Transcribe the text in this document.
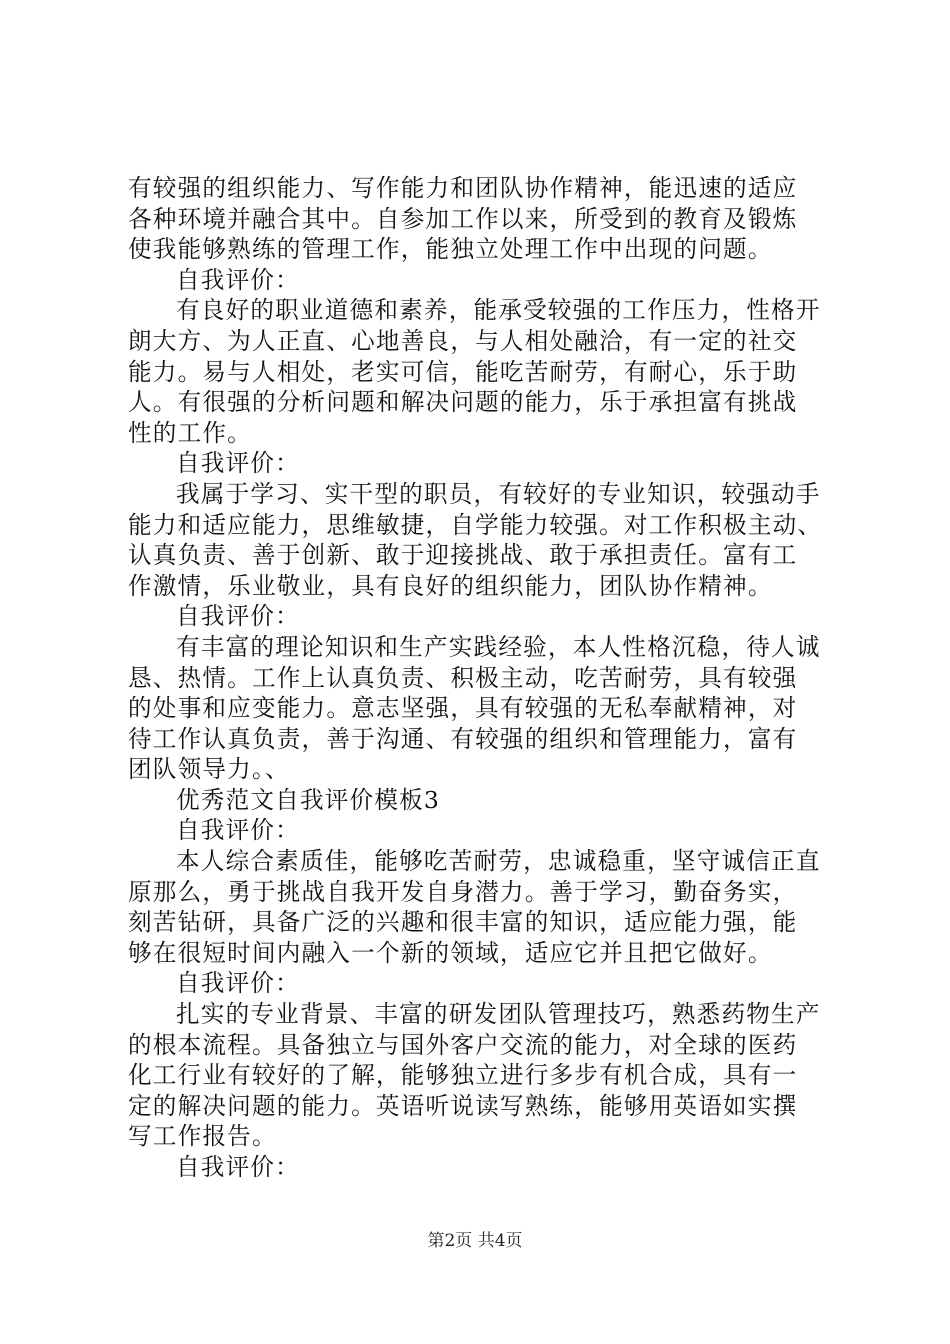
有较强的组织能力、写作能力和团队协作精神，能迅速的适应
各种环境并融合其中。自参加工作以来，所受到的教育及锻炼
使我能够熟练的管理工作，能独立处理工作中出现的问题。
自我评价：
有良好的职业道德和素养，能承受较强的工作压力，性格开
朗大方、为人正直、心地善良，与人相处融洽，有一定的社交
能力。易与人相处，老实可信，能吃苦耐劳，有耐心，乐于助
人。有很强的分析问题和解决问题的能力，乐于承担富有挑战
性的工作。
自我评价：
我属于学习、实干型的职员，有较好的专业知识，较强动手
能力和适应能力，思维敏捷，自学能力较强。对工作积极主动、
认真负责、善于创新、敢于迎接挑战、敢于承担责任。富有工
作激情，乐业敬业，具有良好的组织能力，团队协作精神。
自我评价：
有丰富的理论知识和生产实践经验，本人性格沉稳，待人诚
恳、热情。工作上认真负责、积极主动，吃苦耐劳，具有较强
的处事和应变能力。意志坚强，具有较强的无私奉献精神，对
待工作认真负责，善于沟通、有较强的组织和管理能力，富有
团队领导力。、
优秀范文自我评价模板3
自我评价：
本人综合素质佳，能够吃苦耐劳，忠诚稳重，坚守诚信正直
原那么，勇于挑战自我开发自身潜力。善于学习，勤奋务实，
刻苦钻研，具备广泛的兴趣和很丰富的知识，适应能力强，能
够在很短时间内融入一个新的领域，适应它并且把它做好。
自我评价：
扎实的专业背景、丰富的研发团队管理技巧，熟悉药物生产
的根本流程。具备独立与国外客户交流的能力，对全球的医药
化工行业有较好的了解，能够独立进行多步有机合成，具有一
定的解决问题的能力。英语听说读写熟练，能够用英语如实撰
写工作报告。
自我评价：
第2页 共4页
